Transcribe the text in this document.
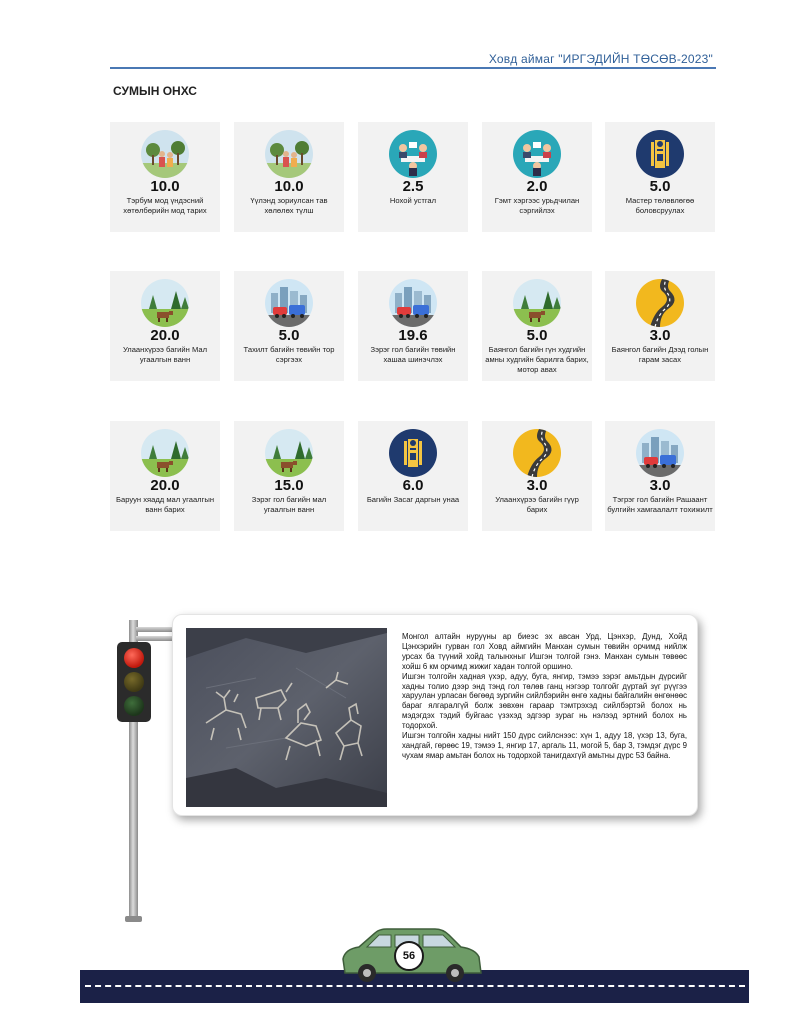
Ховд аймаг "ИРГЭДИЙН ТӨСӨВ-2023"
СУМЫН ОНХС
10.0
Тэрбум мод үндэсний хөтөлбөрийн мод тарих
10.0
Үүлэнд зориулсан тав хөлөлөх түлш
2.5
Нохой устгал
2.0
Гэмт хэргээс урьдчилан сэргийлэх
5.0
Мастер төлөвлөгөө боловсруулах
20.0
Улаанхүрээ багийн Мал угаалгын ванн
5.0
Тахилт багийн төвийн тор сэргээх
19.6
Зэрэг гол багийн төвийн хашаа шинэчлэх
5.0
Баянгол багийн гүн худгийн амны худгийн барилга барих, мотор авах
3.0
Баянгол багийн Дээд голын гарам засах
20.0
Баруун хяадд мал угаалгын ванн барих
15.0
Зэрэг гол багийн мал угаалгын ванн
6.0
Багийн Засаг даргын унаа
3.0
Улаанхүрээ багийн гүүр барих
3.0
Тэгрэг гол багийн Рашаант булгийн хамгаалалт тохижилт

Монгол алтайн нуруүны ар биеэс эх авсан Урд, Цэнхэр, Дунд, Хойд Цэнхэрийн гурван гол Ховд аймгийн Манхан сумын төвийн орчимд нийлж урсах ба түүний хойд талынхныг Ишгэн толгой гэнэ. Манхан сумын төвөөс хойш 6 км орчимд жижиг хадан толгой оршино.

Ишгэн толгойн хадная үхэр, адуу, буга, янгир, тэмээ зэрэг амьтдын дүрсийг хадны толио дээр энд тэнд гол төлөв ганц нэгээр толгойг дүртай зүг рүүгээ харуулан урласан бөгөөд зургийн сийлбэрийн өнгө хадны байгалийн өнгөнөөс бараг ялгаралгүй болж зөвхөн гараар тэмтрэхэд сийлбэртэй болох нь мэдэгдэх тэдий буйгаас үзэхэд эдгээр зураг нь нэлээд эртний болох нь тодорхой.

Ишгэн толгойн хадны нийт 150 дүрс сийлснээс: хүн 1, адуу 18, үхэр 13, буга, хандгай, гөрөөс 19, тэмээ 1, янгир 17, аргаль 11, могой 5, бар 3, тэмдэг дүрс 9 чухам ямар амьтан болох нь тодорхой танигдахгүй амьтны дүрс 53 байна.

56
